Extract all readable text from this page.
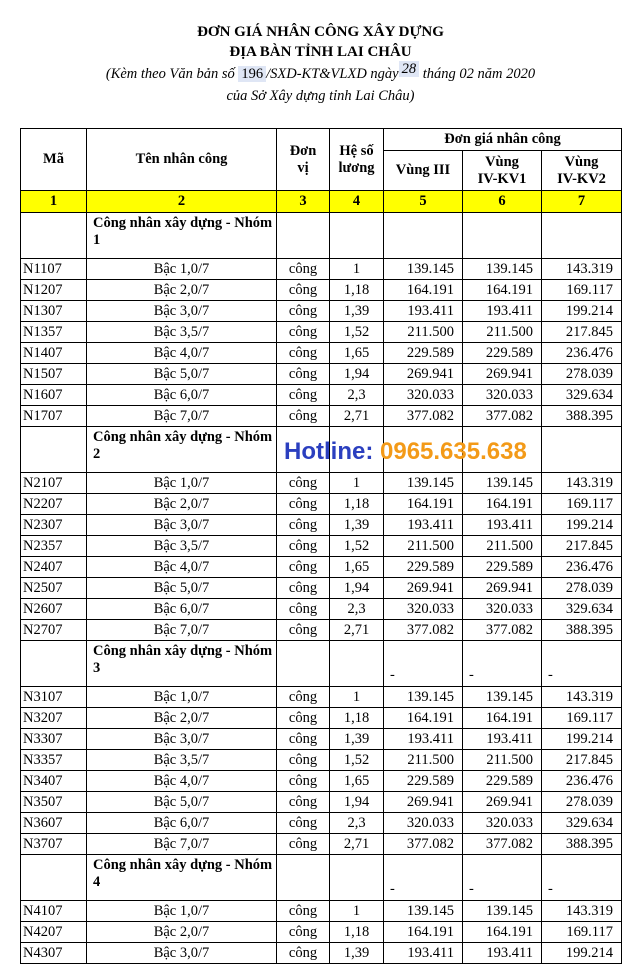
ĐƠN GIÁ NHÂN CÔNG XÂY DỰNG
ĐỊA BÀN TỈNH LAI CHÂU
(Kèm theo Văn bản số 196 /SXD-KT&VLXD ngày 28 tháng 02 năm 2020
của Sở Xây dựng tỉnh Lai Châu)
Mã	Tên nhân công	Đơn vị	Hệ số lương	Đơn giá nhân công		
				Vùng III	Vùng IV-KV1	Vùng IV-KV2

1	2	3	4	5	6	7
	Công nhân xây dựng - Nhóm 1					
N1107	Bậc 1,0/7	công	1	139.145	139.145	143.319
N1207	Bậc 2,0/7	công	1,18	164.191	164.191	169.117
N1307	Bậc 3,0/7	công	1,39	193.411	193.411	199.214
N1357	Bậc 3,5/7	công	1,52	211.500	211.500	217.845
N1407	Bậc 4,0/7	công	1,65	229.589	229.589	236.476
N1507	Bậc 5,0/7	công	1,94	269.941	269.941	278.039
N1607	Bậc 6,0/7	công	2,3	320.033	320.033	329.634
N1707	Bậc 7,0/7	công	2,71	377.082	377.082	388.395
	Công nhân xây dựng - Nhóm 2					
N2107	Bậc 1,0/7	công	1	139.145	139.145	143.319
N2207	Bậc 2,0/7	công	1,18	164.191	164.191	169.117
N2307	Bậc 3,0/7	công	1,39	193.411	193.411	199.214
N2357	Bậc 3,5/7	công	1,52	211.500	211.500	217.845
N2407	Bậc 4,0/7	công	1,65	229.589	229.589	236.476
N2507	Bậc 5,0/7	công	1,94	269.941	269.941	278.039
N2607	Bậc 6,0/7	công	2,3	320.033	320.033	329.634
N2707	Bậc 7,0/7	công	2,71	377.082	377.082	388.395
	Công nhân xây dựng - Nhóm 3			-	-	-
N3107	Bậc 1,0/7	công	1	139.145	139.145	143.319
N3207	Bậc 2,0/7	công	1,18	164.191	164.191	169.117
N3307	Bậc 3,0/7	công	1,39	193.411	193.411	199.214
N3357	Bậc 3,5/7	công	1,52	211.500	211.500	217.845
N3407	Bậc 4,0/7	công	1,65	229.589	229.589	236.476
N3507	Bậc 5,0/7	công	1,94	269.941	269.941	278.039
N3607	Bậc 6,0/7	công	2,3	320.033	320.033	329.634
N3707	Bậc 7,0/7	công	2,71	377.082	377.082	388.395
	Công nhân xây dựng - Nhóm 4			-	-	-
N4107	Bậc 1,0/7	công	1	139.145	139.145	143.319
N4207	Bậc 2,0/7	công	1,18	164.191	164.191	169.117
N4307	Bậc 3,0/7	công	1,39	193.411	193.411	199.214
Hotline: 0965.635.638
